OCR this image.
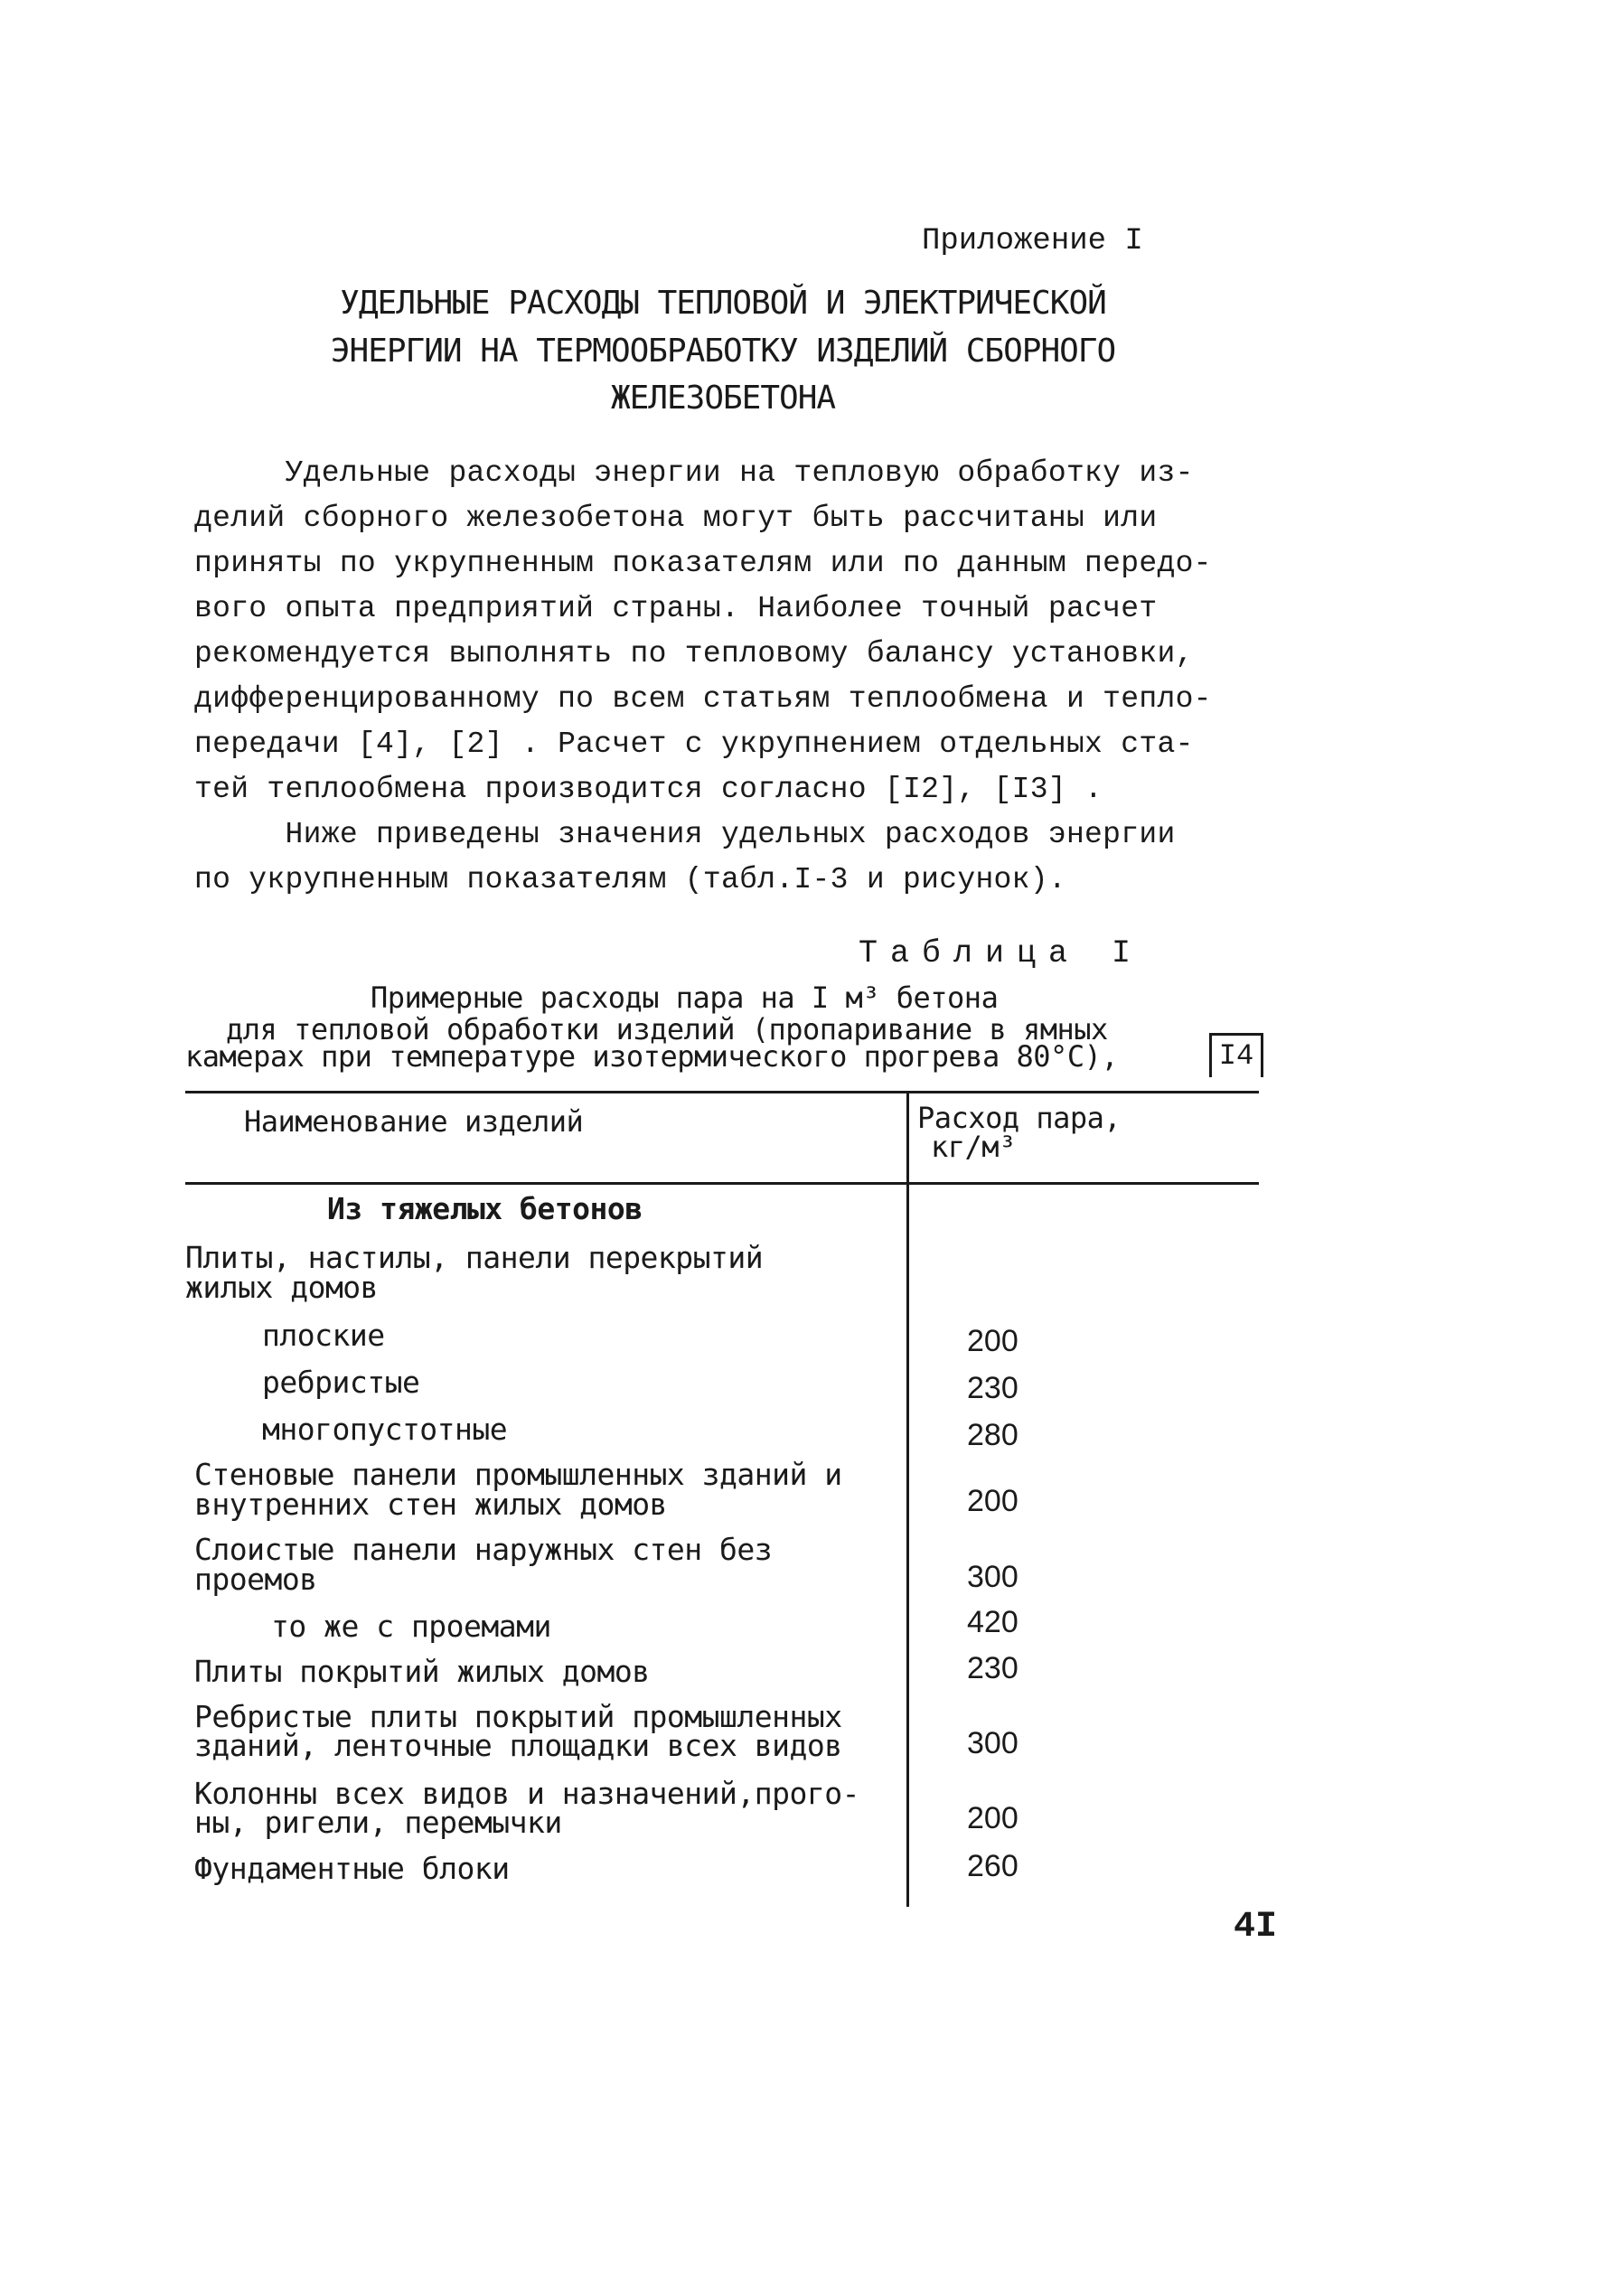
Приложение I
УДЕЛЬНЫЕ РАСХОДЫ ТЕПЛОВОЙ И ЭЛЕКТРИЧЕСКОЙ
ЭНЕРГИИ НА ТЕРМООБРАБОТКУ ИЗДЕЛИЙ СБОРНОГО
ЖЕЛЕЗОБЕТОНА
Удельные расходы энергии на тепловую обработку из-
делий сборного железобетона могут быть рассчитаны или
приняты по укрупненным показателям или по данным передо-
вого опыта предприятий страны. Наиболее точный расчет
рекомендуется выполнять по тепловому балансу установки,
дифференцированному по всем статьям теплообмена и тепло-
передачи [4], [2] . Расчет с укрупнением отдельных ста-
тей теплообмена производится согласно [I2], [I3] .
Ниже приведены значения удельных расходов энергии
по укрупненным показателям (табл.I-3 и рисунок).
Таблица I
Примерные расходы пара на I м³ бетона
для тепловой обработки изделий (пропаривание в ямных
камерах при температуре изотермического прогрева 80°С),	I4
Наименование изделий	Расход пара,
кг/м³
Из тяжелых бетонов
Плиты, настилы, панели перекрытий
жилых домов
плоские	200
ребристые	230
многопустотные	280
Стеновые панели промышленных зданий и
внутренних стен жилых домов	200
Слоистые панели наружных стен без
проемов	300
то же с проемами	420
Плиты покрытий жилых домов	230
Ребристые плиты покрытий промышленных
зданий, ленточные площадки всех видов	300
Колонны всех видов и назначений,прого-
ны, ригели, перемычки	200
Фундаментные блоки	260
4I
